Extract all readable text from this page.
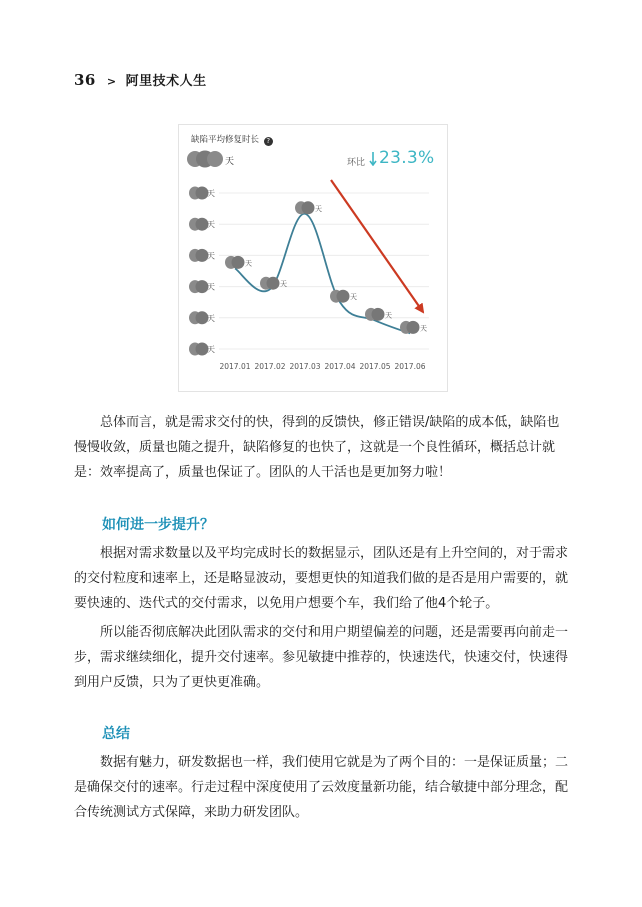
36 > 阿里技术人生
缺陷平均修复时长 ?
天	环比 23.3%
天
天
天
天
天
天
天
天
天
天
天
天
2017.01 2017.02 2017.03 2017.04 2017.05 2017.06

总体而言，就是需求交付的快，得到的反馈快，修正错误/缺陷的成本低，缺陷也慢慢收敛，质量也随之提升，缺陷修复的也快了，这就是一个良性循环，概括总计就是：效率提高了，质量也保证了。团队的人干活也是更加努力啦！

如何进一步提升？

根据对需求数量以及平均完成时长的数据显示，团队还是有上升空间的，对于需求的交付粒度和速率上，还是略显波动，要想更快的知道我们做的是否是用户需要的，就要快速的、迭代式的交付需求，以免用户想要个车，我们给了他4个轮子。

所以能否彻底解决此团队需求的交付和用户期望偏差的问题，还是需要再向前走一步，需求继续细化，提升交付速率。参见敏捷中推荐的，快速迭代，快速交付，快速得到用户反馈，只为了更快更准确。

总结

数据有魅力，研发数据也一样，我们使用它就是为了两个目的：一是保证质量；二是确保交付的速率。行走过程中深度使用了云效度量新功能，结合敏捷中部分理念，配合传统测试方式保障，来助力研发团队。
